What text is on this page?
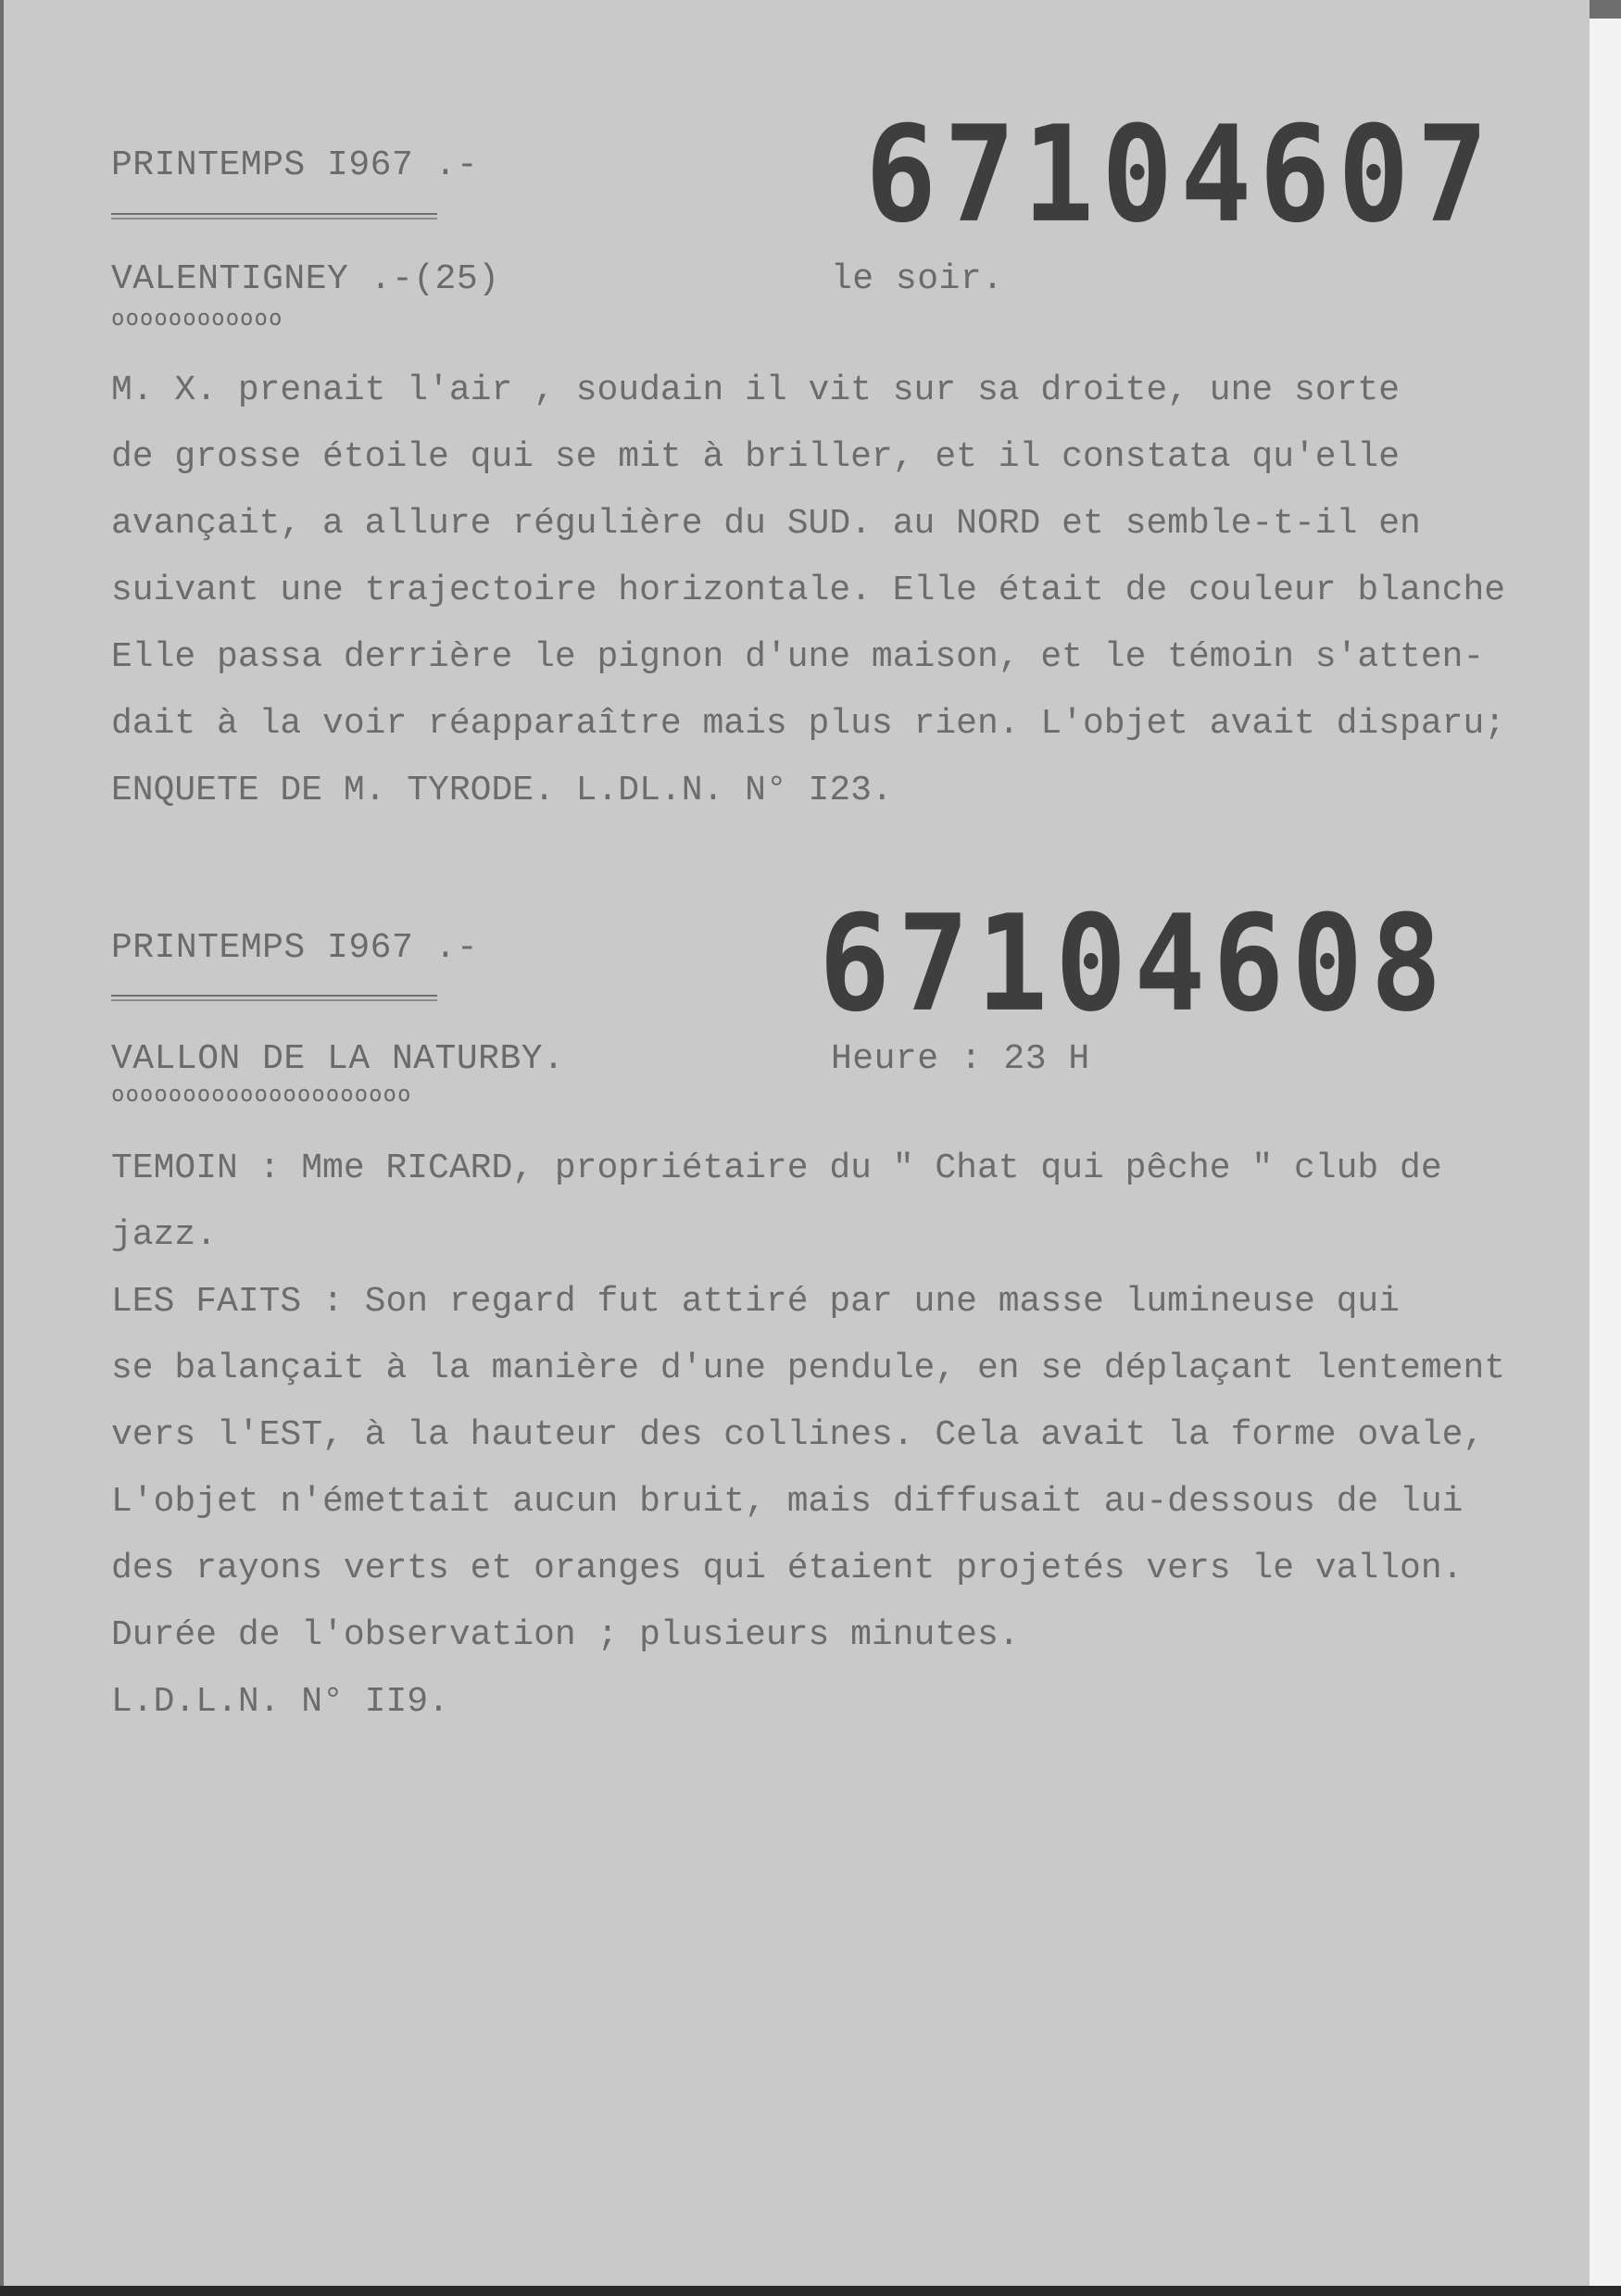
PRINTEMPS I967 .-	67104607
VALENTIGNEY .-(25)
oooooooooooo
le soir.
M. X. prenait l'air , soudain il vit sur sa droite, une sorte
de grosse étoile qui se mit à briller, et il constata qu'elle
avançait, a allure régulière du SUD. au NORD et semble-t-il en
suivant une trajectoire horizontale. Elle était de couleur blanche
Elle passa derrière le pignon d'une maison, et le témoin s'atten-
dait à la voir réapparaître mais plus rien. L'objet avait disparu;
ENQUETE DE M. TYRODE. L.DL.N. N° I23.
PRINTEMPS I967 .-	67104608
VALLON DE LA NATURBY.
ooooooooooooooooooooo
Heure : 23 H
TEMOIN : Mme RICARD, propriétaire du " Chat qui pêche " club de
jazz.
LES FAITS : Son regard fut attiré par une masse lumineuse qui
se balançait à la manière d'une pendule, en se déplaçant lentement
vers l'EST, à la hauteur des collines. Cela avait la forme ovale,
L'objet n'émettait aucun bruit, mais diffusait au-dessous de lui
des rayons verts et oranges qui étaient projetés vers le vallon.
Durée de l'observation ; plusieurs minutes.
L.D.L.N. N° II9.
